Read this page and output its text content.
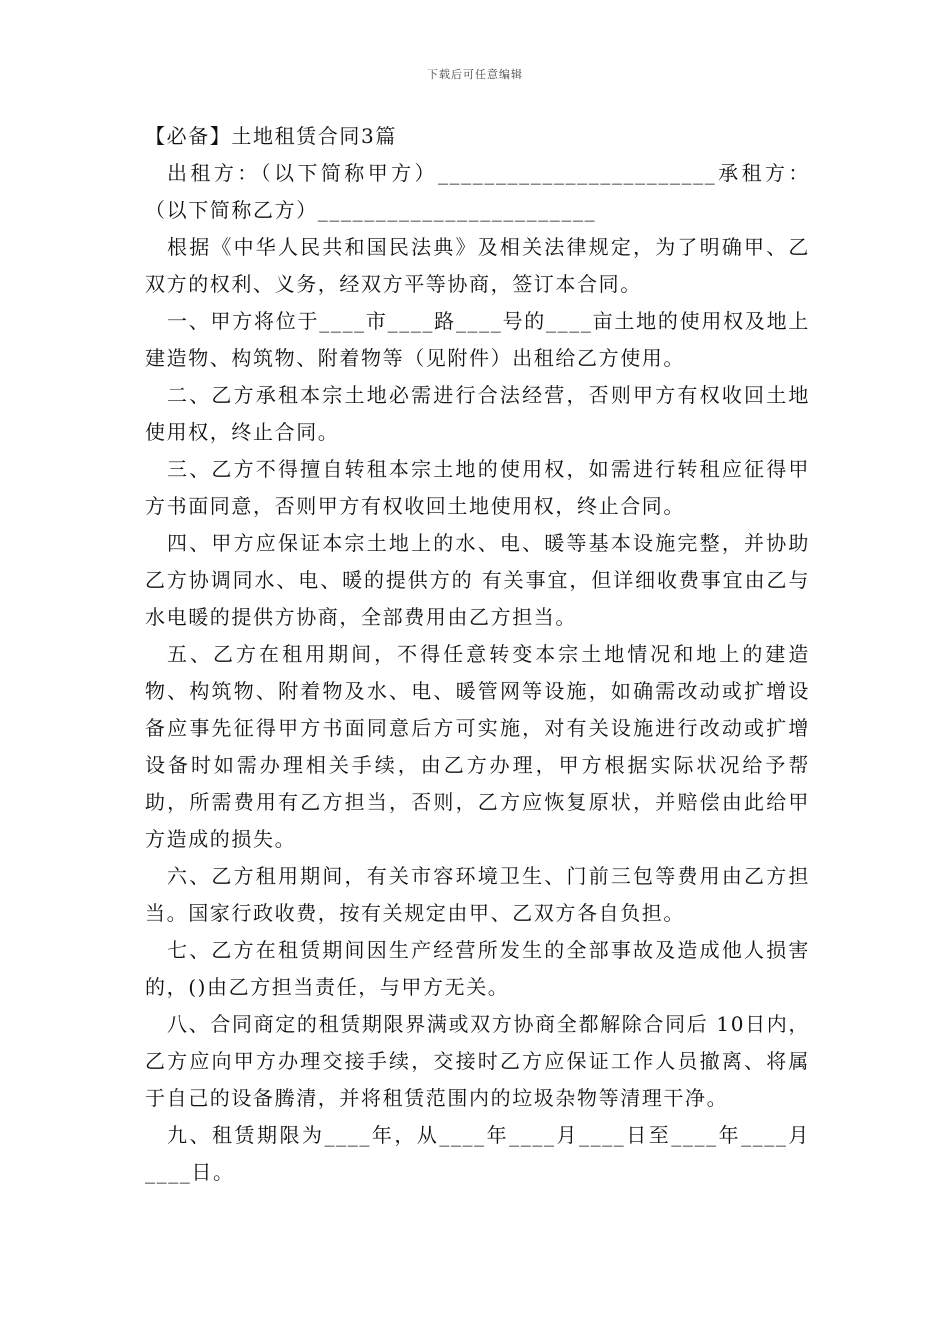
下载后可任意编辑
【必备】土地租赁合同3篇

出租方：（以下简称甲方）________________________承租方：（以下简称乙方）________________________

根据《中华人民共和国民法典》及相关法律规定，为了明确甲、乙双方的权利、义务，经双方平等协商，签订本合同。

一、甲方将位于____市____路____号的____亩土地的使用权及地上建造物、构筑物、附着物等（见附件）出租给乙方使用。

二、乙方承租本宗土地必需进行合法经营，否则甲方有权收回土地使用权，终止合同。

三、乙方不得擅自转租本宗土地的使用权，如需进行转租应征得甲方书面同意，否则甲方有权收回土地使用权，终止合同。

四、甲方应保证本宗土地上的水、电、暖等基本设施完整，并协助乙方协调同水、电、暖的提供方的 有关事宜，但详细收费事宜由乙与水电暖的提供方协商，全部费用由乙方担当。

五、乙方在租用期间，不得任意转变本宗土地情况和地上的建造物、构筑物、附着物及水、电、暖管网等设施，如确需改动或扩增设备应事先征得甲方书面同意后方可实施，对有关设施进行改动或扩增设备时如需办理相关手续，由乙方办理，甲方根据实际状况给予帮助，所需费用有乙方担当，否则，乙方应恢复原状，并赔偿由此给甲方造成的损失。

六、乙方租用期间，有关市容环境卫生、门前三包等费用由乙方担当。国家行政收费，按有关规定由甲、乙双方各自负担。

七、乙方在租赁期间因生产经营所发生的全部事故及造成他人损害的，()由乙方担当责任，与甲方无关。

八、合同商定的租赁期限界满或双方协商全都解除合同后 10日内，乙方应向甲方办理交接手续，交接时乙方应保证工作人员撤离、将属于自己的设备腾清，并将租赁范围内的垃圾杂物等清理干净。

九、租赁期限为____年，从____年____月____日至____年____月____日。
